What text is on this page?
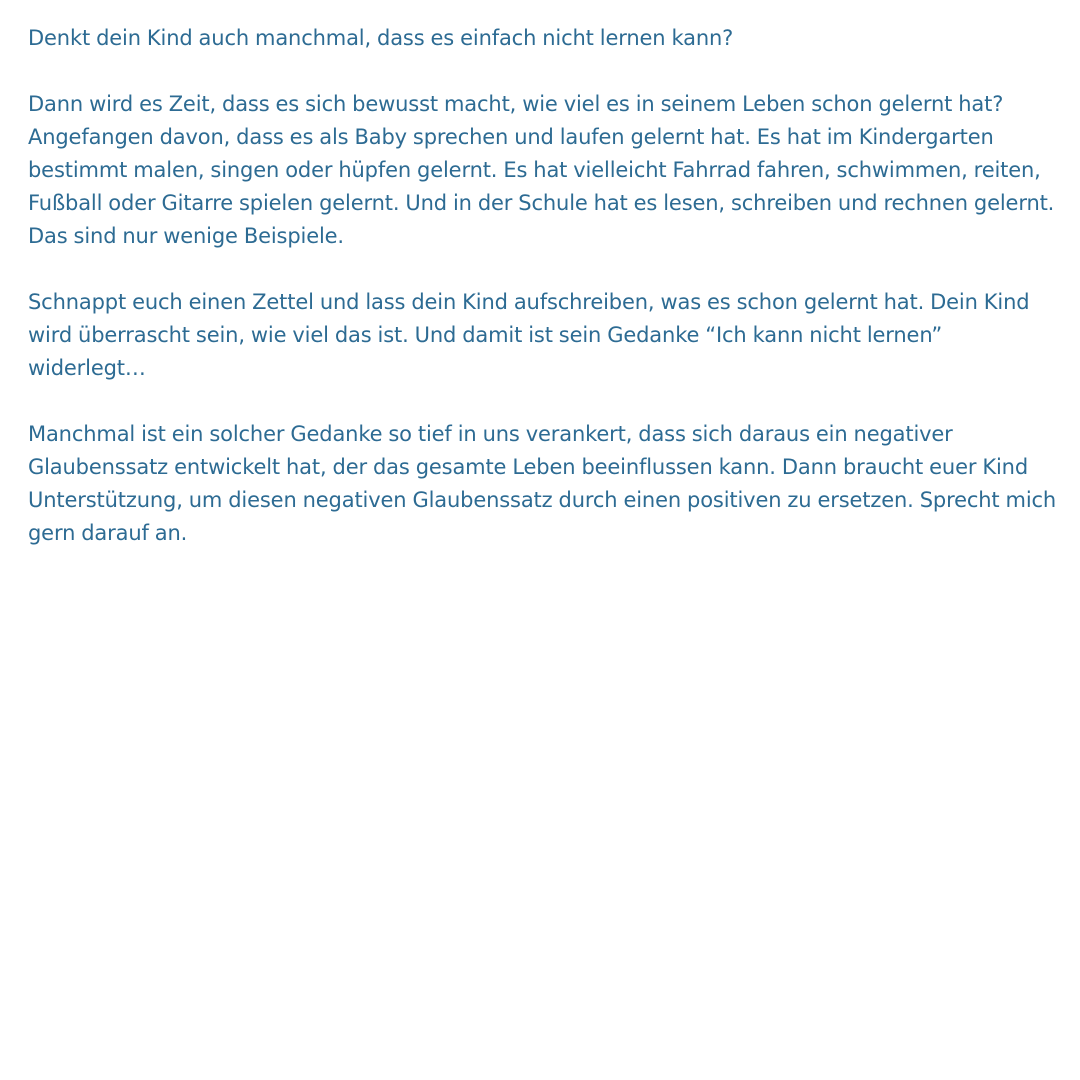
Denkt dein Kind auch manchmal, dass es einfach nicht lernen kann?

Dann wird es Zeit, dass es sich bewusst macht, wie viel es in seinem Leben schon gelernt hat? Angefangen davon, dass es als Baby sprechen und laufen gelernt hat. Es hat im Kindergarten bestimmt malen, singen oder hüpfen gelernt. Es hat vielleicht Fahrrad fahren, schwimmen, reiten, Fußball oder Gitarre spielen gelernt. Und in der Schule hat es lesen, schreiben und rechnen gelernt. Das sind nur wenige Beispiele.

Schnappt euch einen Zettel und lass dein Kind aufschreiben, was es schon gelernt hat. Dein Kind wird überrascht sein, wie viel das ist. Und damit ist sein Gedanke “Ich kann nicht lernen” widerlegt…

Manchmal ist ein solcher Gedanke so tief in uns verankert, dass sich daraus ein negativer Glaubenssatz entwickelt hat, der das gesamte Leben beeinflussen kann. Dann braucht euer Kind Unterstützung, um diesen negativen Glaubenssatz durch einen positiven zu ersetzen. Sprecht mich gern darauf an.
